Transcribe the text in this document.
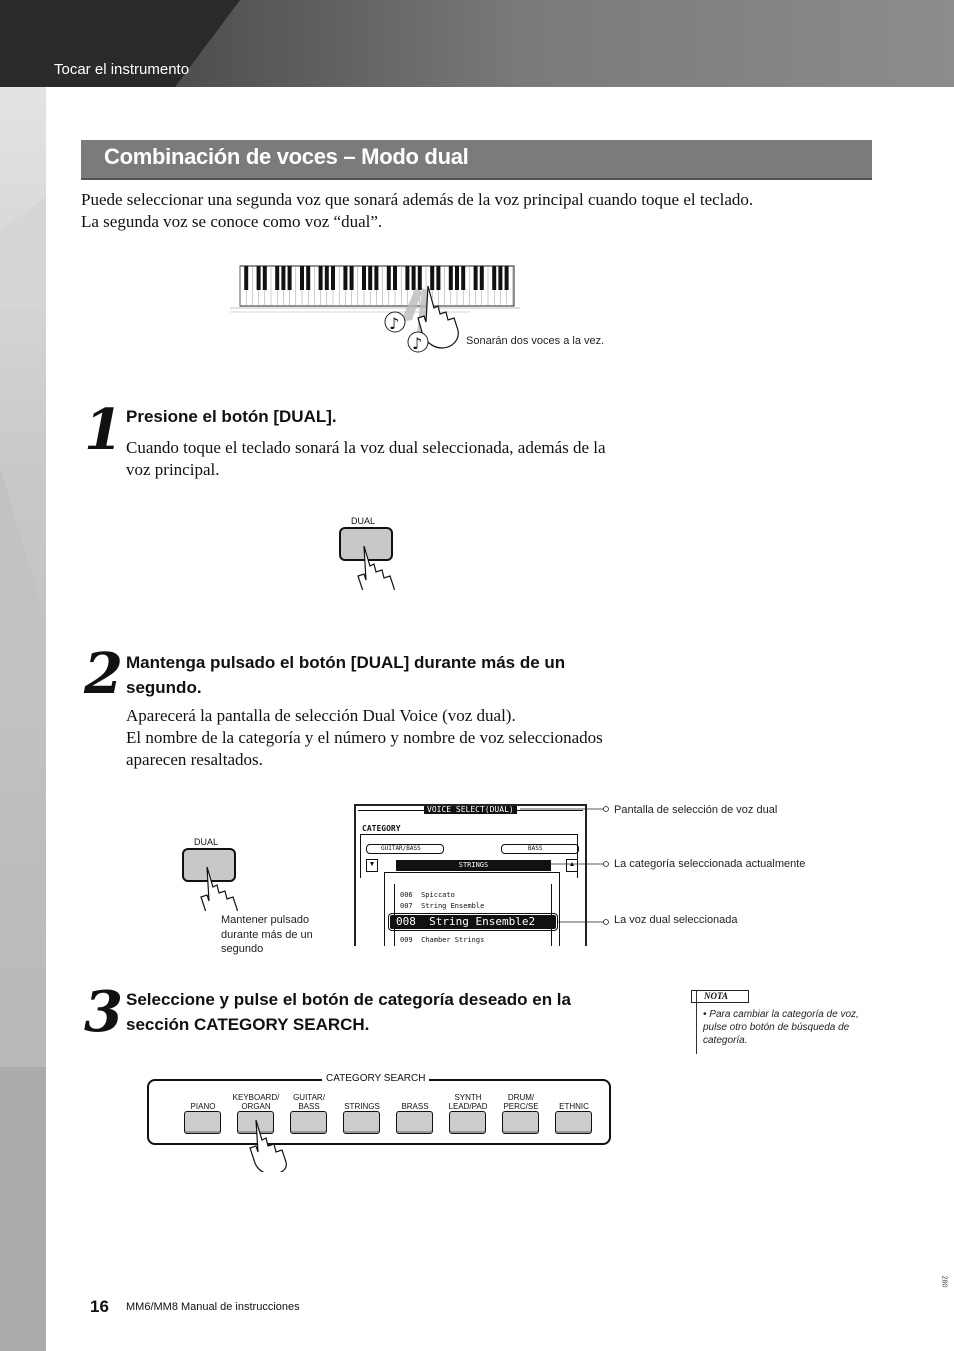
Tocar el instrumento
Combinación de voces – Modo dual
Puede seleccionar una segunda voz que sonará además de la voz principal cuando toque el teclado.
La segunda voz se conoce como voz “dual”.
♪
♪	Sonarán dos voces a la vez.
1 Presione el botón [DUAL].
Cuando toque el teclado sonará la voz dual seleccionada, además de la
voz principal.
DUAL
2 Mantenga pulsado el botón [DUAL] durante más de un
segundo.
Aparecerá la pantalla de selección Dual Voice (voz dual).
El nombre de la categoría y el número y nombre de voz seleccionados
aparecen resaltados.
DUAL
Mantener pulsado
durante más de un
segundo
VOICE SELECT(DUAL)
CATEGORY
GUITAR/BASS	BASS
▼	▲
STRINGS
006 Spiccato
007 String Ensemble
008 String Ensemble2
009 Chamber Strings
Pantalla de selección de voz dual
La categoría seleccionada actualmente
La voz dual seleccionada
3 Seleccione y pulse el botón de categoría deseado en la
sección CATEGORY SEARCH.
NOTA
• Para cambiar la categoría de voz, pulse otro botón de búsqueda de categoría.
CATEGORY SEARCH
PIANO
KEYBOARD/
ORGAN
GUITAR/
BASS	STRINGS	BRASS
SYNTH
LEAD/PAD
DRUM/
PERC/SE	ETHNIC
16 MM6/MM8 Manual de instrucciones
280
